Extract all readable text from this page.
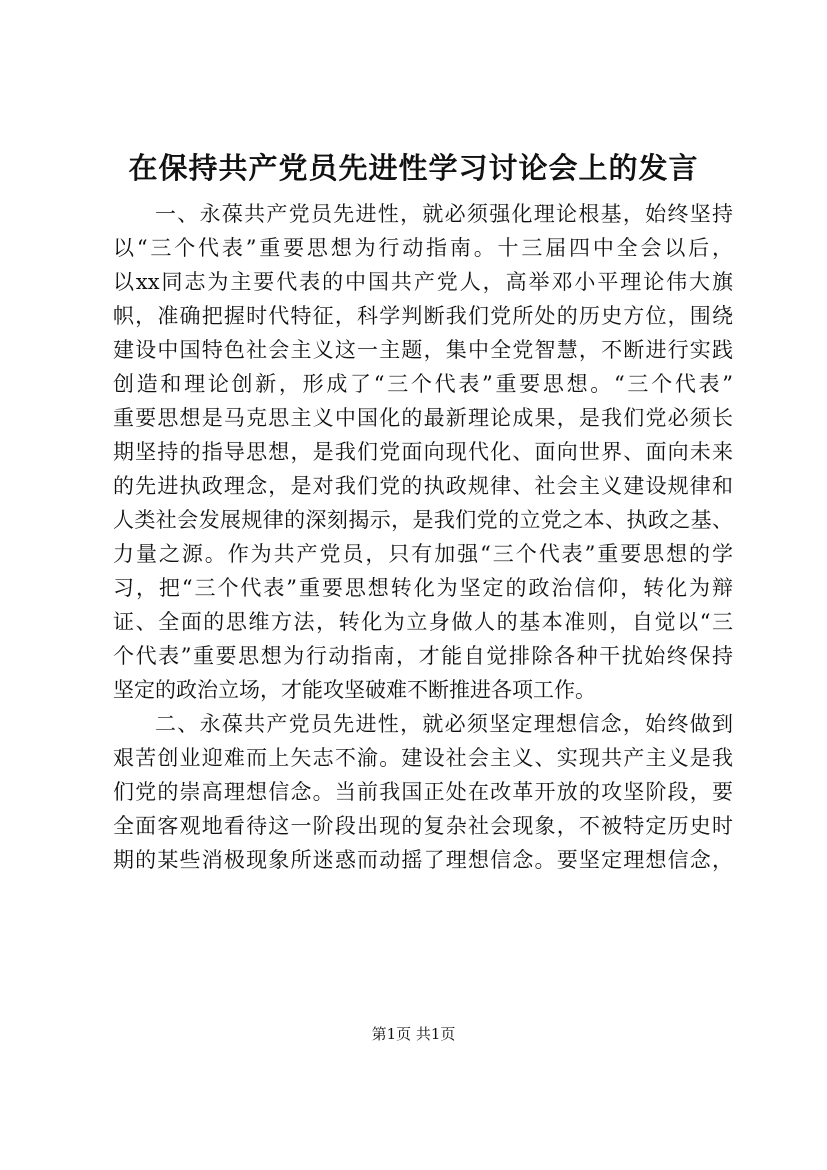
在保持共产党员先进性学习讨论会上的发言
一、永葆共产党员先进性，就必须强化理论根基，始终坚持
以“三个代表”重要思想为行动指南。十三届四中全会以后，
以xx同志为主要代表的中国共产党人，高举邓小平理论伟大旗
帜，准确把握时代特征，科学判断我们党所处的历史方位，围绕
建设中国特色社会主义这一主题，集中全党智慧，不断进行实践
创造和理论创新，形成了“三个代表”重要思想。“三个代表”
重要思想是马克思主义中国化的最新理论成果，是我们党必须长
期坚持的指导思想，是我们党面向现代化、面向世界、面向未来
的先进执政理念，是对我们党的执政规律、社会主义建设规律和
人类社会发展规律的深刻揭示，是我们党的立党之本、执政之基、
力量之源。作为共产党员，只有加强“三个代表”重要思想的学
习，把“三个代表”重要思想转化为坚定的政治信仰，转化为辩
证、全面的思维方法，转化为立身做人的基本准则，自觉以“三
个代表”重要思想为行动指南，才能自觉排除各种干扰始终保持
坚定的政治立场，才能攻坚破难不断推进各项工作。
二、永葆共产党员先进性，就必须坚定理想信念，始终做到
艰苦创业迎难而上矢志不渝。建设社会主义、实现共产主义是我
们党的崇高理想信念。当前我国正处在改革开放的攻坚阶段，要
全面客观地看待这一阶段出现的复杂社会现象，不被特定历史时
期的某些消极现象所迷惑而动摇了理想信念。要坚定理想信念，
第1页 共1页
